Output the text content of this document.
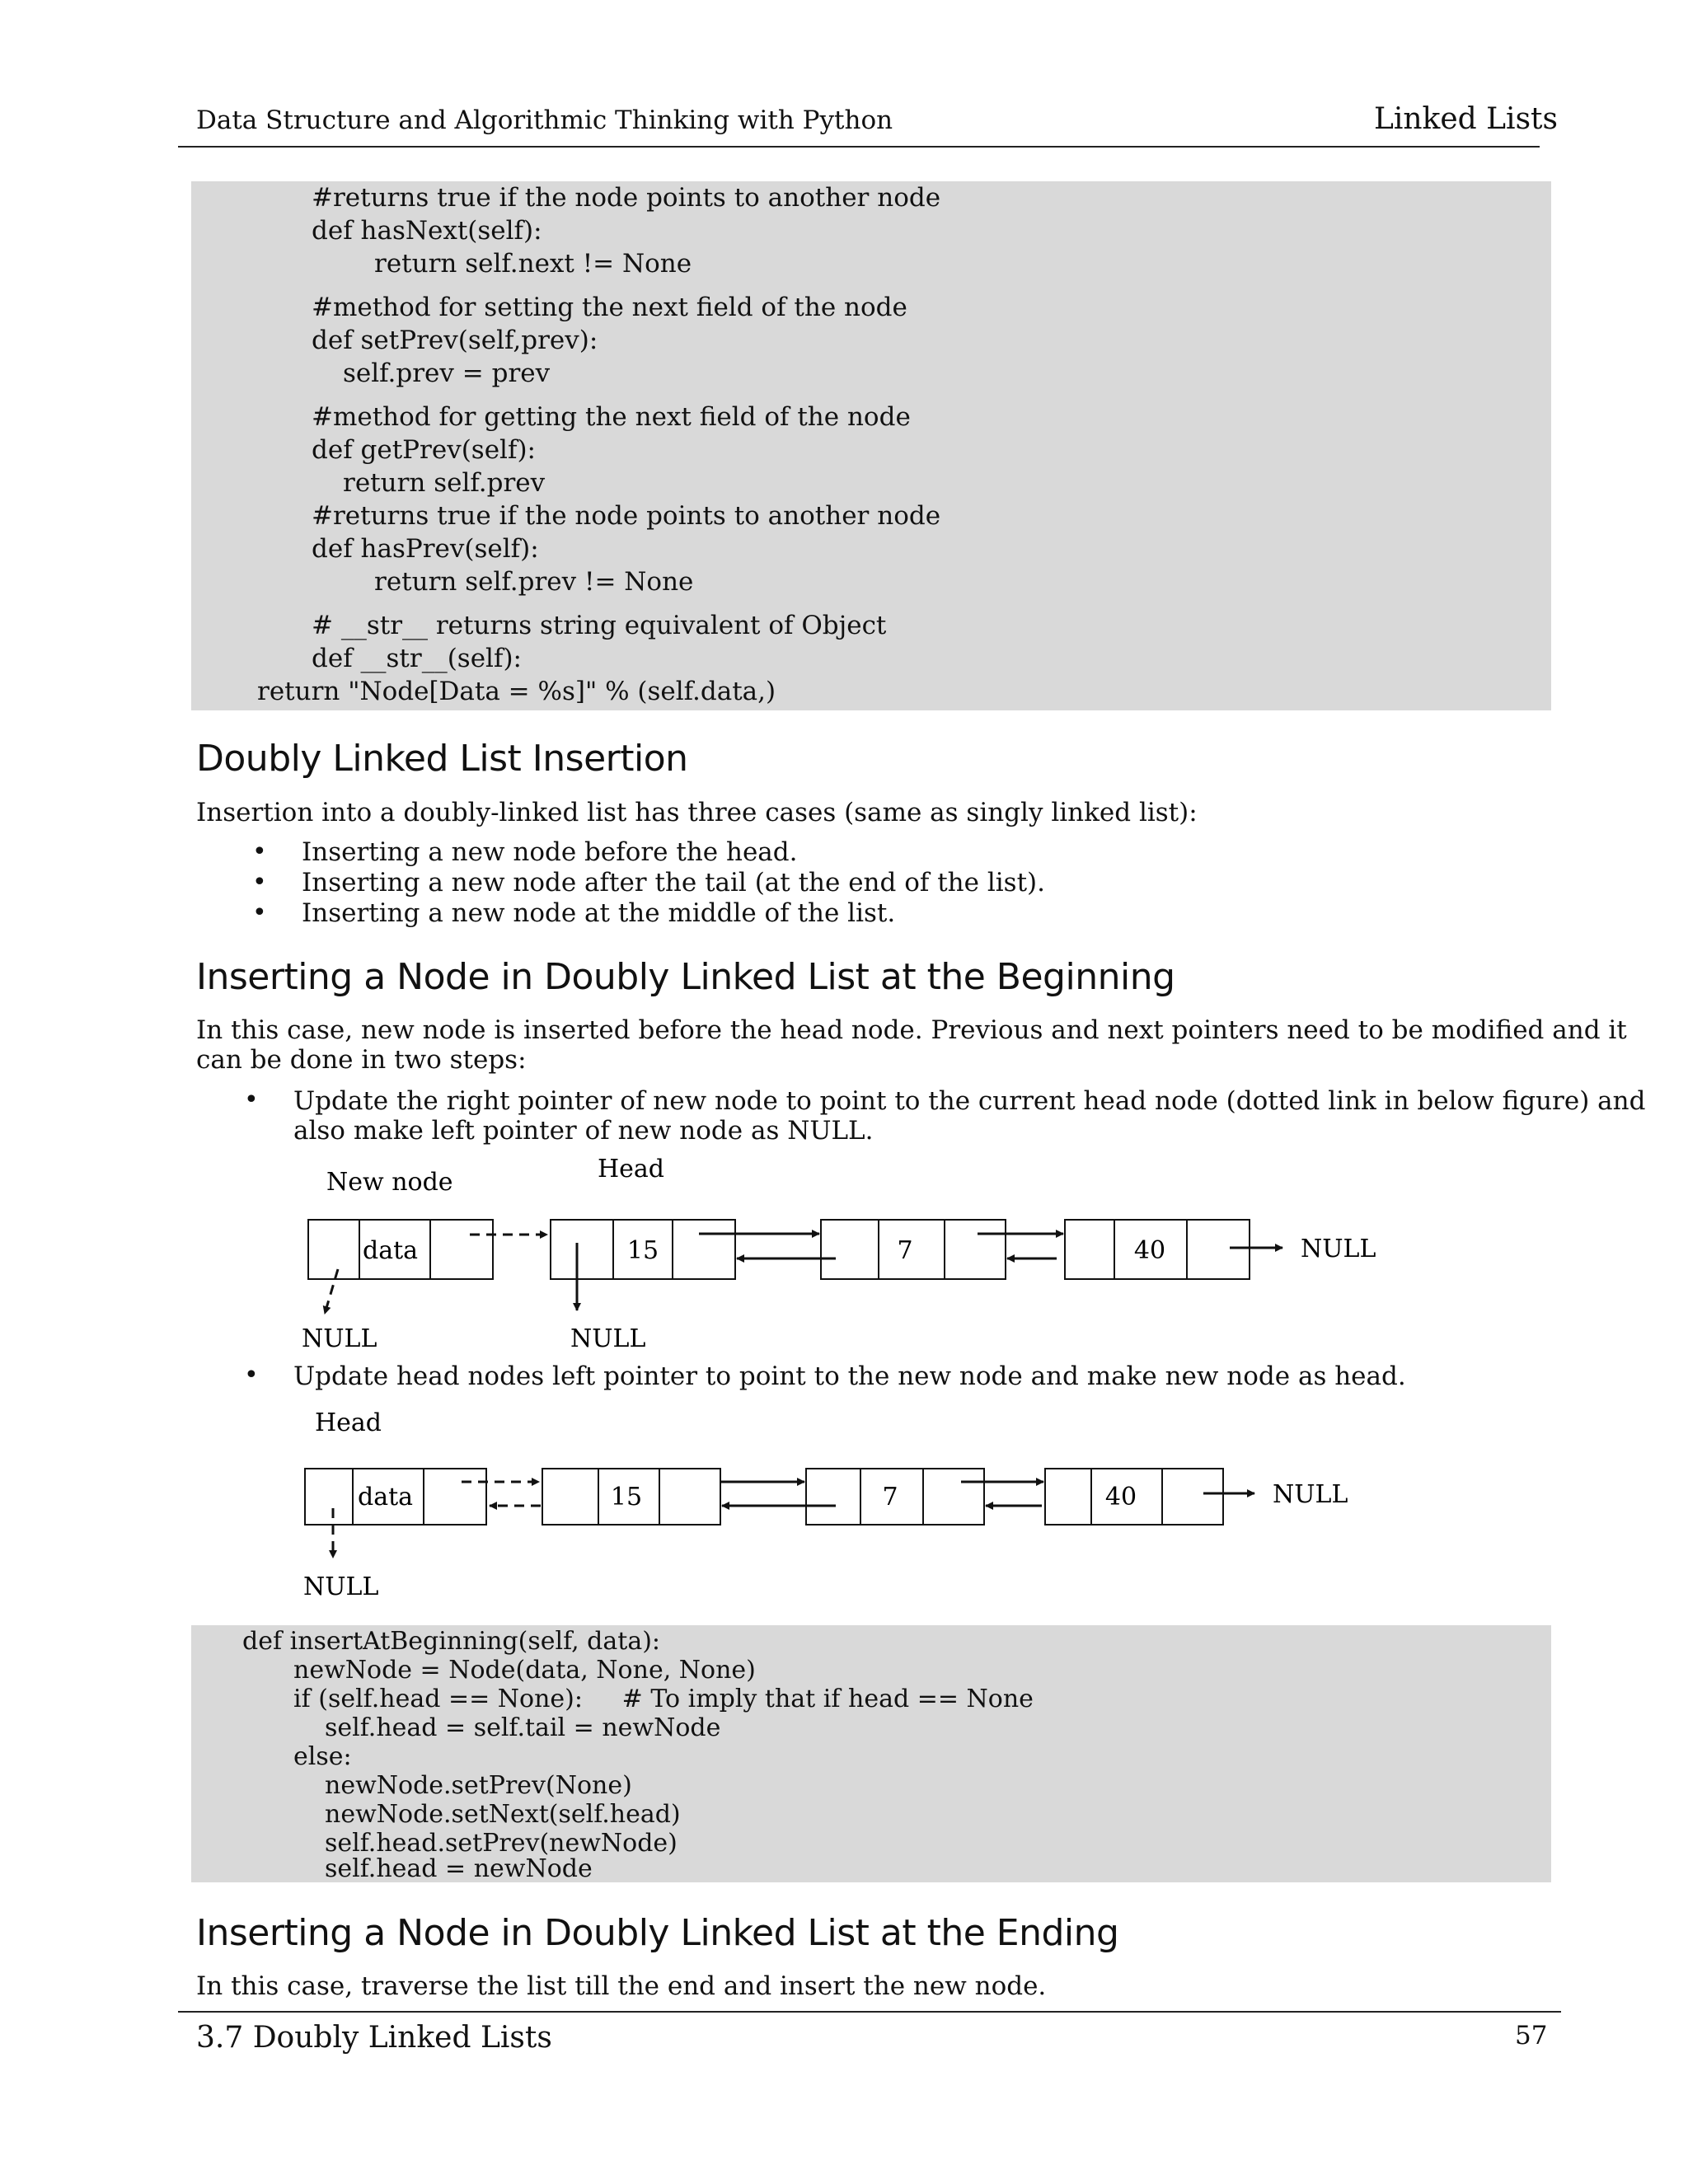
Data Structure and Algorithmic Thinking with Python	Linked Lists
#returns true if the node points to another node
def hasNext(self):
return self.next != None
#method for setting the next field of the node
def setPrev(self,prev):
self.prev = prev
#method for getting the next field of the node
def getPrev(self):
return self.prev
#returns true if the node points to another node
def hasPrev(self):
return self.prev != None
# __str__ returns string equivalent of Object
def __str__(self):
return "Node[Data = %s]" % (self.data,)
Doubly Linked List Insertion
Insertion into a doubly-linked list has three cases (same as singly linked list):
• Inserting a new node before the head.
• Inserting a new node after the tail (at the end of the list).
• Inserting a new node at the middle of the list.
Inserting a Node in Doubly Linked List at the Beginning
In this case, new node is inserted before the head node. Previous and next pointers need to be modified and it
can be done in two steps:
• Update the right pointer of new node to point to the current head node (dotted link in below figure) and
also make left pointer of new node as NULL.
New node	Head
data	15	7	40	NULL
NULL	NULL
• Update head nodes left pointer to point to the new node and make new node as head.
Head
data	15	7	40	NULL
NULL
def insertAtBeginning(self, data):
newNode = Node(data, None, None)
if (self.head == None):     # To imply that if head == None
self.head = self.tail = newNode
else:
newNode.setPrev(None)
newNode.setNext(self.head)
self.head.setPrev(newNode)
self.head = newNode
Inserting a Node in Doubly Linked List at the Ending
In this case, traverse the list till the end and insert the new node.
3.7 Doubly Linked Lists	57
